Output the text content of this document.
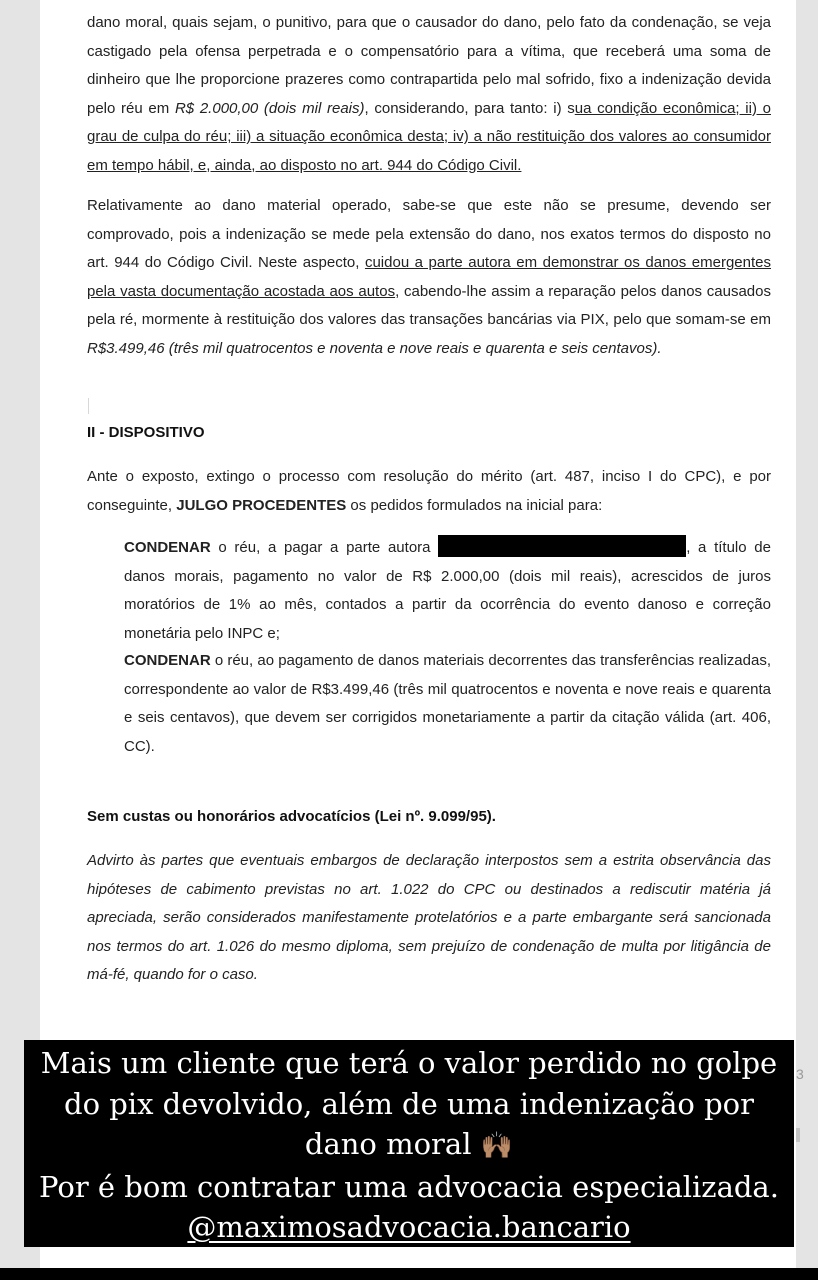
dano moral, quais sejam, o punitivo, para que o causador do dano, pelo fato da condenação, se veja castigado pela ofensa perpetrada e o compensatório para a vítima, que receberá uma soma de dinheiro que lhe proporcione prazeres como contrapartida pelo mal sofrido, fixo a indenização devida pelo réu em R$ 2.000,00 (dois mil reais), considerando, para tanto: i) sua condição econômica; ii) o grau de culpa do réu; iii) a situação econômica desta; iv) a não restituição dos valores ao consumidor em tempo hábil, e, ainda, ao disposto no art. 944 do Código Civil.

Relativamente ao dano material operado, sabe-se que este não se presume, devendo ser comprovado, pois a indenização se mede pela extensão do dano, nos exatos termos do disposto no art. 944 do Código Civil. Neste aspecto, cuidou a parte autora em demonstrar os danos emergentes pela vasta documentação acostada aos autos, cabendo-lhe assim a reparação pelos danos causados pela ré, mormente à restituição dos valores das transações bancárias via PIX, pelo que somam-se em R$3.499,46 (três mil quatrocentos e noventa e nove reais e quarenta e seis centavos).

II - DISPOSITIVO

Ante o exposto, extingo o processo com resolução do mérito (art. 487, inciso I do CPC), e por conseguinte, JULGO PROCEDENTES os pedidos formulados na inicial para:

CONDENAR o réu, a pagar a parte autora	, a título de danos morais, pagamento no valor de R$ 2.000,00 (dois mil reais), acrescidos de juros moratórios de 1% ao mês, contados a partir da ocorrência do evento danoso e correção monetária pelo INPC e;

CONDENAR o réu, ao pagamento de danos materiais decorrentes das transferências realizadas, correspondente ao valor de R$3.499,46 (três mil quatrocentos e noventa e nove reais e quarenta e seis centavos), que devem ser corrigidos monetariamente a partir da citação válida (art. 406, CC).

Sem custas ou honorários advocatícios (Lei nº. 9.099/95).

Advirto às partes que eventuais embargos de declaração interpostos sem a estrita observância das hipóteses de cabimento previstas no art. 1.022 do CPC ou destinados a rediscutir matéria já apreciada, serão considerados manifestamente protelatórios e a parte embargante será sancionada nos termos do art. 1.026 do mesmo diploma, sem prejuízo de condenação de multa por litigância de má-fé, quando for o caso.

Mais um cliente que terá o valor perdido no golpe
do pix devolvido, além de uma indenização por
dano moral 🙌🏽
Por é bom contratar uma advocacia especializada.
@maximosadvocacia.bancario
3
